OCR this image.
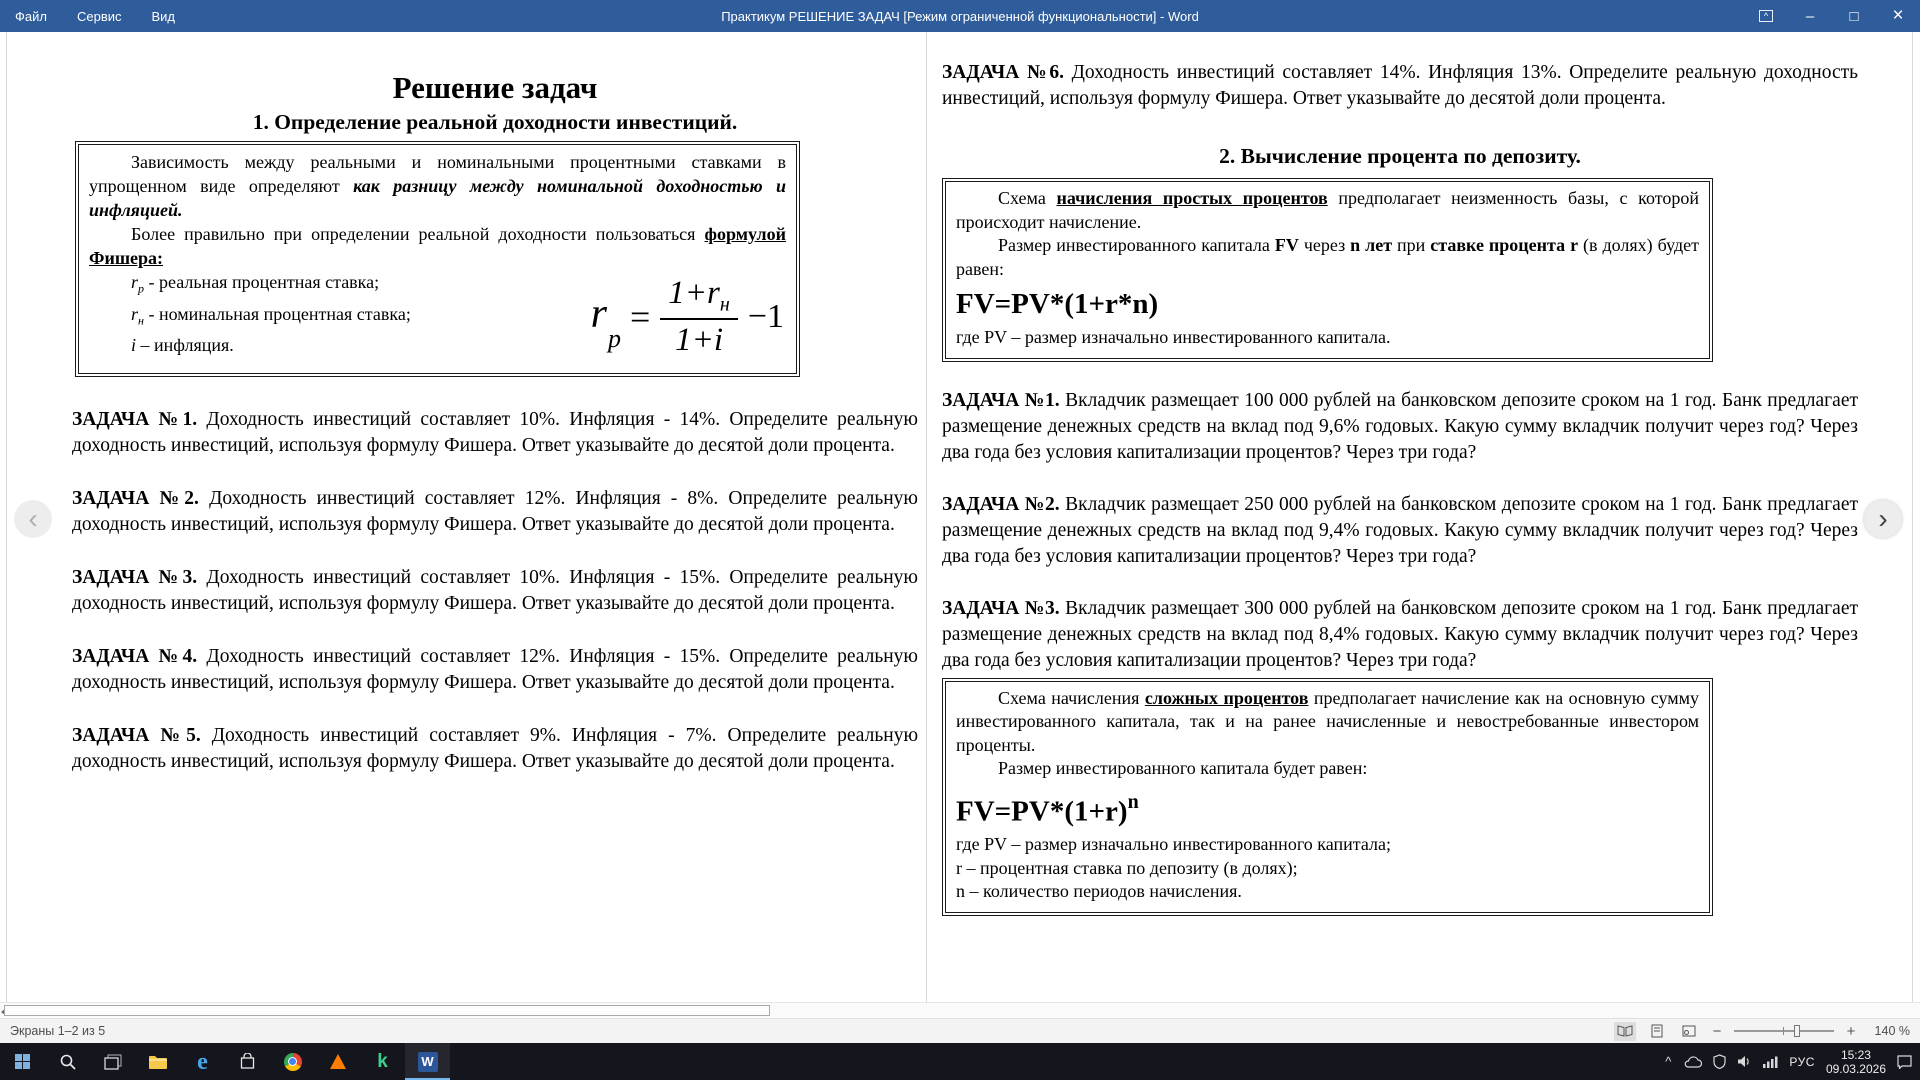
Файл	Сервис	Вид	Практикум РЕШЕНИЕ ЗАДАЧ [Режим ограниченной функциональности] - Word	^	–	□	×
Решение задач
1. Определение реальной доходности инвестиций.

Зависимость между реальными и номинальными процентными ставками в упрощенном виде определяют как разницу между номинальной доходностью и инфляцией.

Более правильно при определении реальной доходности пользоваться формулой Фишера:

$r_p$ - реальная процентная ставка;
$r_н$ - номинальная процентная ставка;
i – инфляция.
$r_p$
= $\frac{1+r_н}{1+i} -1$

ЗАДАЧА №1. Доходность инвестиций составляет 10%. Инфляция - 14%. Определите реальную доходность инвестиций, используя формулу Фишера. Ответ указывайте до десятой доли процента.

ЗАДАЧА №2. Доходность инвестиций составляет 12%. Инфляция - 8%. Определите реальную доходность инвестиций, используя формулу Фишера. Ответ указывайте до десятой доли процента.

ЗАДАЧА №3. Доходность инвестиций составляет 10%. Инфляция - 15%. Определите реальную доходность инвестиций, используя формулу Фишера. Ответ указывайте до десятой доли процента.

ЗАДАЧА №4. Доходность инвестиций составляет 12%. Инфляция - 15%. Определите реальную доходность инвестиций, используя формулу Фишера. Ответ указывайте до десятой доли процента.

ЗАДАЧА №5. Доходность инвестиций составляет 9%. Инфляция - 7%. Определите реальную доходность инвестиций, используя формулу Фишера. Ответ указывайте до десятой доли процента.

ЗАДАЧА №6. Доходность инвестиций составляет 14%. Инфляция 13%. Определите реальную доходность инвестиций, используя формулу Фишера. Ответ указывайте до десятой доли процента.

2. Вычисление процента по депозиту.

Схема начисления простых процентов предполагает неизменность базы, с которой происходит начисление.

Размер инвестированного капитала FV через n лет при ставке процента r (в долях) будет равен:

FV=PV*(1+r*n)

где PV – размер изначально инвестированного капитала.

ЗАДАЧА №1. Вкладчик размещает 100 000 рублей на банковском депозите сроком на 1 год. Банк предлагает размещение денежных средств на вклад под 9,6% годовых. Какую сумму вкладчик получит через год? Через два года без условия капитализации процентов? Через три года?

ЗАДАЧА №2. Вкладчик размещает 250 000 рублей на банковском депозите сроком на 1 год. Банк предлагает размещение денежных средств на вклад под 9,4% годовых. Какую сумму вкладчик получит через год? Через два года без условия капитализации процентов? Через три года?

ЗАДАЧА №3. Вкладчик размещает 300 000 рублей на банковском депозите сроком на 1 год. Банк предлагает размещение денежных средств на вклад под 8,4% годовых. Какую сумму вкладчик получит через год? Через два года без условия капитализации процентов? Через три года?

Схема начисления сложных процентов предполагает начисление как на основную сумму инвестированного капитала, так и на ранее начисленные и невостребованные инвестором проценты.

Размер инвестированного капитала будет равен:

$FV=PV*(1+r)^n$

где PV – размер изначально инвестированного капитала;

r – процентная ставка по депозиту (в долях);

n – количество периодов начисления.

‹	›
Экраны 1–2 из 5	−	+	140 %
e	k	W	^	РУС	15:23
09.03.2026
